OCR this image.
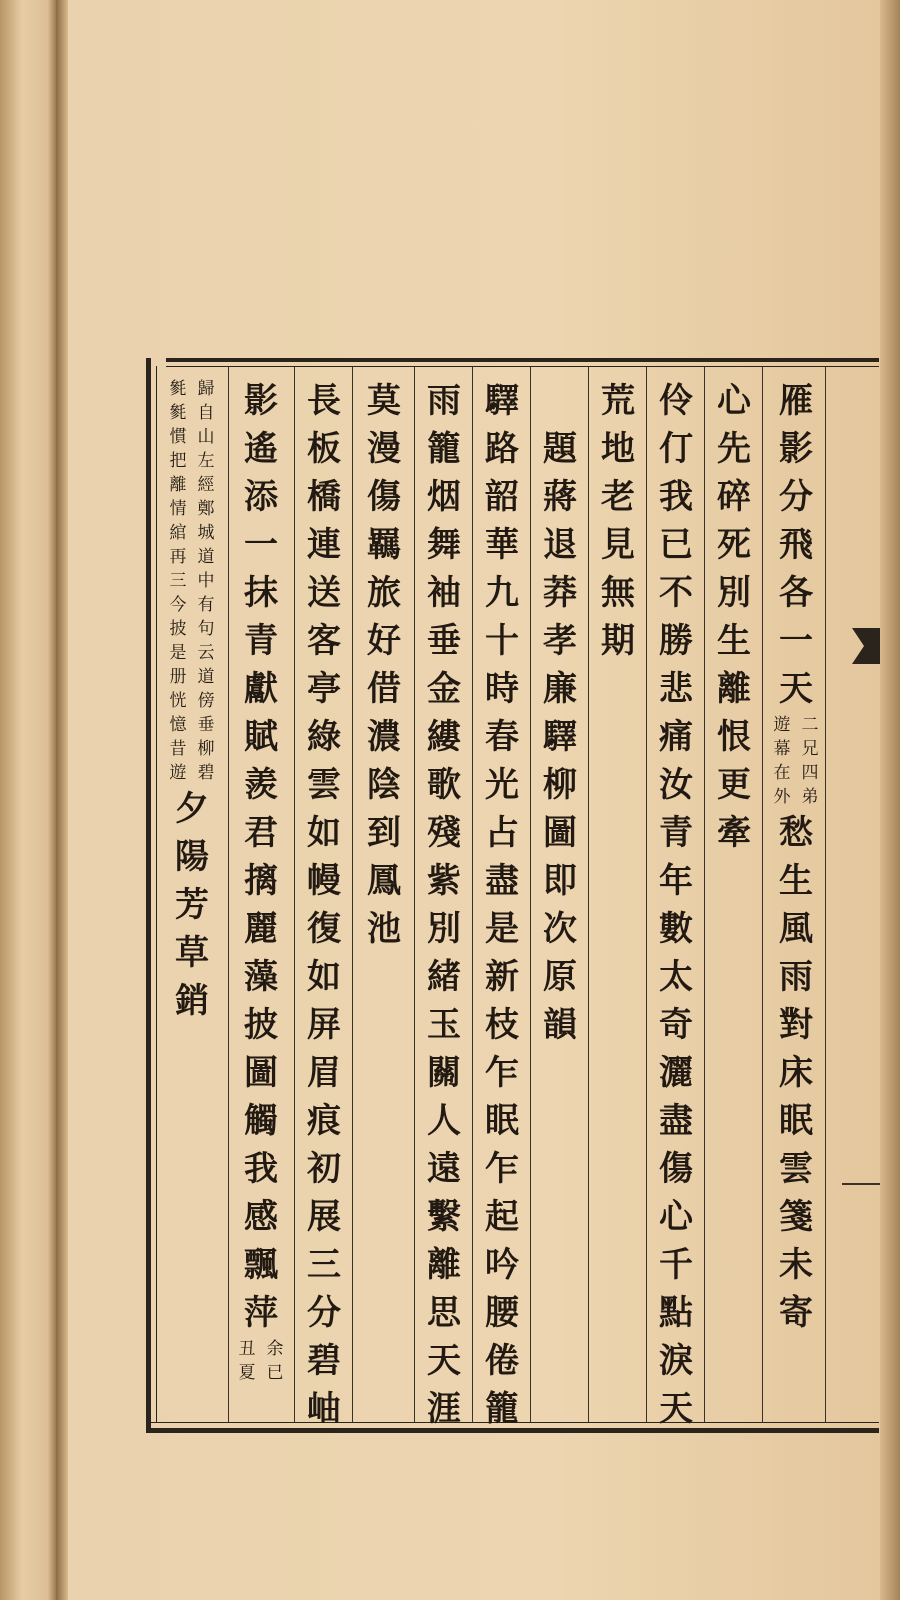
雁
影
分
飛
各
一
天
二
兄
四
弟
遊
幕
在
外
愁
生
風
雨
對
床
眠
雲
箋
未
寄
心
先
碎
死
別
生
離
恨
更
牽
伶
仃
我
已
不
勝
悲
痛
汝
青
年
數
太
奇
灑
盡
傷
心
千
點
淚
天
荒
地
老
見
無
期

題
蔣
退
莽
孝
廉
驛
柳
圖
即
次
原
韻
驛
路
韶
華
九
十
時
春
光
占
盡
是
新
枝
乍
眠
乍
起
吟
腰
倦
籠
雨
籠
烟
舞
袖
垂
金
縷
歌
殘
紫
別
緒
玉
關
人
遠
繫
離
思
天
涯
莫
漫
傷
羈
旅
好
借
濃
陰
到
鳳
池
長
板
橋
連
送
客
亭
綠
雲
如
幔
復
如
屏
眉
痕
初
展
三
分
碧
岫
影
遙
添
一
抹
青
獻
賦
羨
君
摛
麗
藻
披
圖
觸
我
感
飄
萍
余
已
丑
夏
歸
自
山
左
經
鄭
城
道
中
有
句
云
道
傍
垂
柳
碧
毿
毿
慣
把
離
情
綰
再
三
今
披
是
册
恍
憶
昔
遊
夕
陽
芳
草
銷
